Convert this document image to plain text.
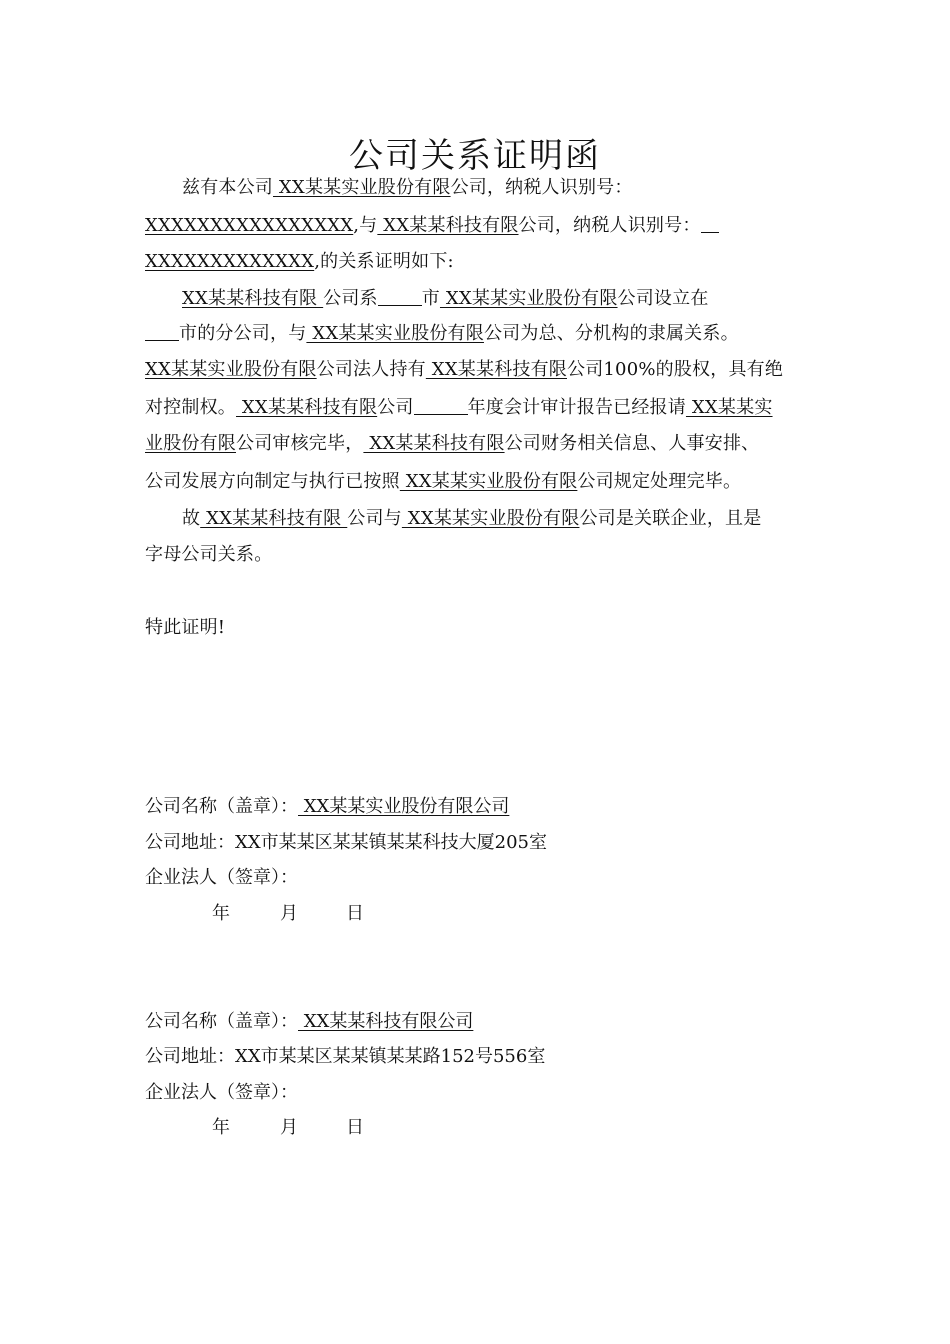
公司关系证明函
兹有本公司 XX某某实业股份有限公司，纳税人识别号：
XXXXXXXXXXXXXXXX,与 XX某某科技有限公司，纳税人识别号：
XXXXXXXXXXXXX,的关系证明如下:
XX某某科技有限 公司系 市 XX某某实业股份有限公司设立在
市的分公司，与 XX某某实业股份有限公司为总、分机构的隶属关系。
XX某某实业股份有限公司法人持有 XX某某科技有限公司100%的股权，具有绝
对控制权。 XX某某科技有限公司	年度会计审计报告已经报请 XX某某实
业股份有限公司审核完毕， XX某某科技有限公司财务相关信息、人事安排、
公司发展方向制定与执行已按照 XX某某实业股份有限公司规定处理完毕。
故 XX某某科技有限 公司与 XX某某实业股份有限公司是关联企业，且是
字母公司关系。
特此证明!
公司名称（盖章）： XX某某实业股份有限公司
公司地址：XX市某某区某某镇某某科技大厦205室
企业法人（签章）：
年	月	日
公司名称（盖章）： XX某某科技有限公司
公司地址：XX市某某区某某镇某某路152号556室
企业法人（签章）：
年	月	日
